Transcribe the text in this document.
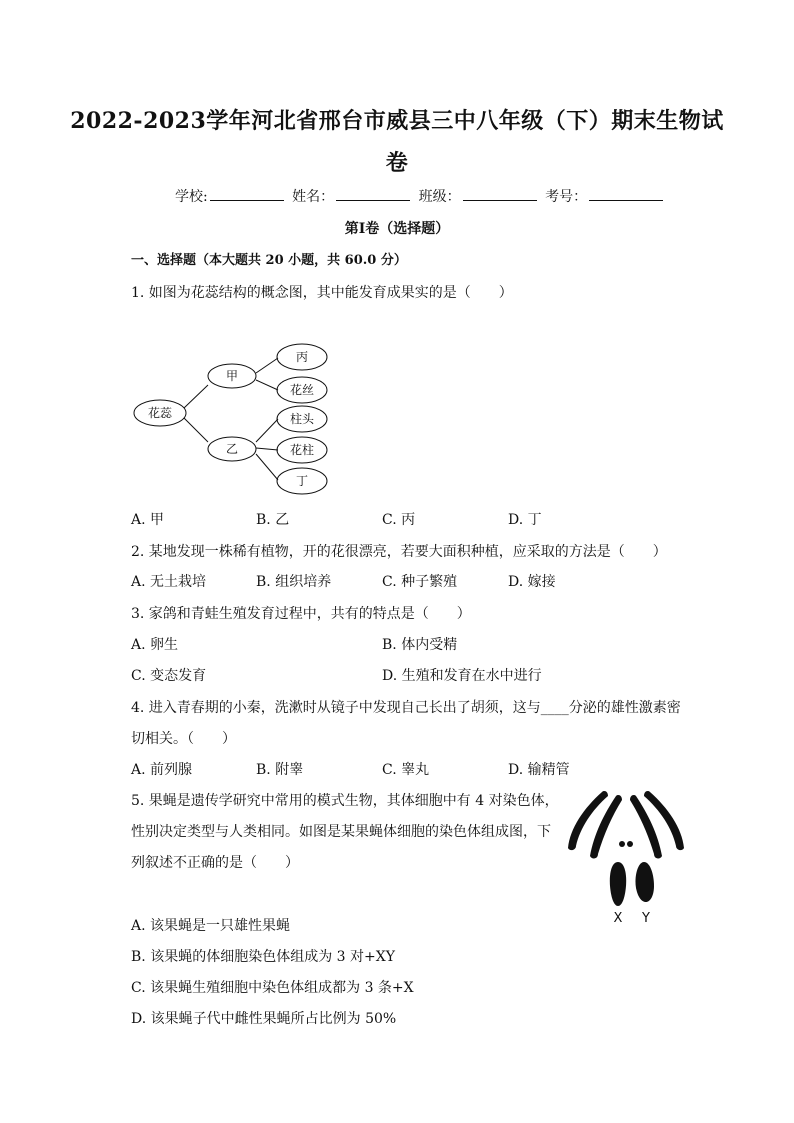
2022-2023学年河北省邢台市威县三中八年级（下）期末生物试
卷
学校:	姓名：	班级：	考号：
第Ⅰ卷（选择题）
一、选择题（本大题共 20 小题，共 60.0 分）
1. 如图为花蕊结构的概念图，其中能发育成果实的是（　　）
花蕊
甲
乙
丙
花丝
柱头
花柱
丁
A. 甲	B. 乙	C. 丙	D. 丁
2. 某地发现一株稀有植物，开的花很漂亮，若要大面积种植，应采取的方法是（　　）
A. 无土栽培	B. 组织培养	C. 种子繁殖	D. 嫁接
3. 家鸽和青蛙生殖发育过程中，共有的特点是（　　）
A. 卵生	B. 体内受精
C. 变态发育	D. 生殖和发育在水中进行
4. 进入青春期的小秦，洗漱时从镜子中发现自己长出了胡须，这与____分泌的雄性激素密
切相关。（　　）
A. 前列腺	B. 附睾	C. 睾丸	D. 输精管
5. 果蝇是遗传学研究中常用的模式生物，其体细胞中有 4 对染色体，
性别决定类型与人类相同。如图是某果蝇体细胞的染色体组成图，下
列叙述不正确的是（　　）
X Y
A. 该果蝇是一只雄性果蝇
B. 该果蝇的体细胞染色体组成为 3 对+XY
C. 该果蝇生殖细胞中染色体组成都为 3 条+X
D. 该果蝇子代中雌性果蝇所占比例为 50%
